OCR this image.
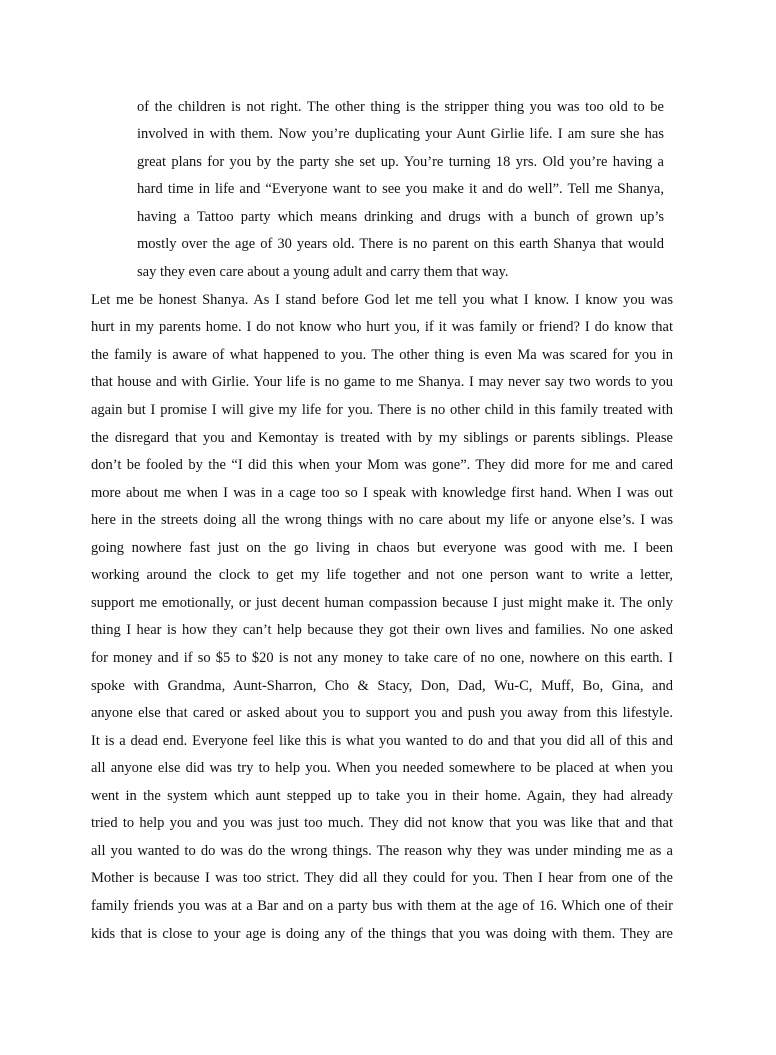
of the children is not right. The other thing is the stripper thing you was too old to be

involved in with them. Now you’re duplicating your Aunt Girlie life. I am sure she has

great plans for you by the party she set up. You’re turning 18 yrs. Old you’re having a

hard time in life and “Everyone want to see you make it and do well”. Tell me Shanya,

having a Tattoo party which means drinking and drugs with a bunch of grown up’s

mostly over the age of 30 years old. There is no parent on this earth Shanya that would

say they even care about a young adult and carry them that way.

Let me be honest Shanya. As I stand before God let me tell you what I know. I know you was

hurt in my parents home. I do not know who hurt you, if it was family or friend? I do know that

the family is aware of what happened to you. The other thing is even Ma was scared for you in

that house and with Girlie. Your life is no game to me Shanya. I may never say two words to you

again but I promise I will give my life for you. There is no other child in this family treated with

the disregard that you and Kemontay is treated with by my siblings or parents siblings. Please

don’t be fooled by the “I did this when your Mom was gone”. They did more for me and cared

more about me when I was in a cage too so I speak with knowledge first hand. When I was out

here in the streets doing all the wrong things with no care about my life or anyone else’s. I was

going nowhere fast just on the go living in chaos but everyone was good with me. I been

working around the clock to get my life together and not one person want to write a letter,

support me emotionally, or just decent human compassion because I just might make it. The only

thing I hear is how they can’t help because they got their own lives and families. No one asked

for money and if so $5 to $20 is not any money to take care of no one, nowhere on this earth. I

spoke with Grandma, Aunt-Sharron, Cho & Stacy, Don, Dad, Wu-C, Muff, Bo, Gina, and

anyone else that cared or asked about you to support you and push you away from this lifestyle.

It is a dead end. Everyone feel like this is what you wanted to do and that you did all of this and

all anyone else did was try to help you. When you needed somewhere to be placed at when you

went in the system which aunt stepped up to take you in their home. Again, they had already

tried to help you and you was just too much. They did not know that you was like that and that

all you wanted to do was do the wrong things. The reason why they was under minding me as a

Mother is because I was too strict. They did all they could for you. Then I hear from one of the

family friends you was at a Bar and on a party bus with them at the age of 16. Which one of their

kids that is close to your age is doing any of the things that you was doing with them. They are
